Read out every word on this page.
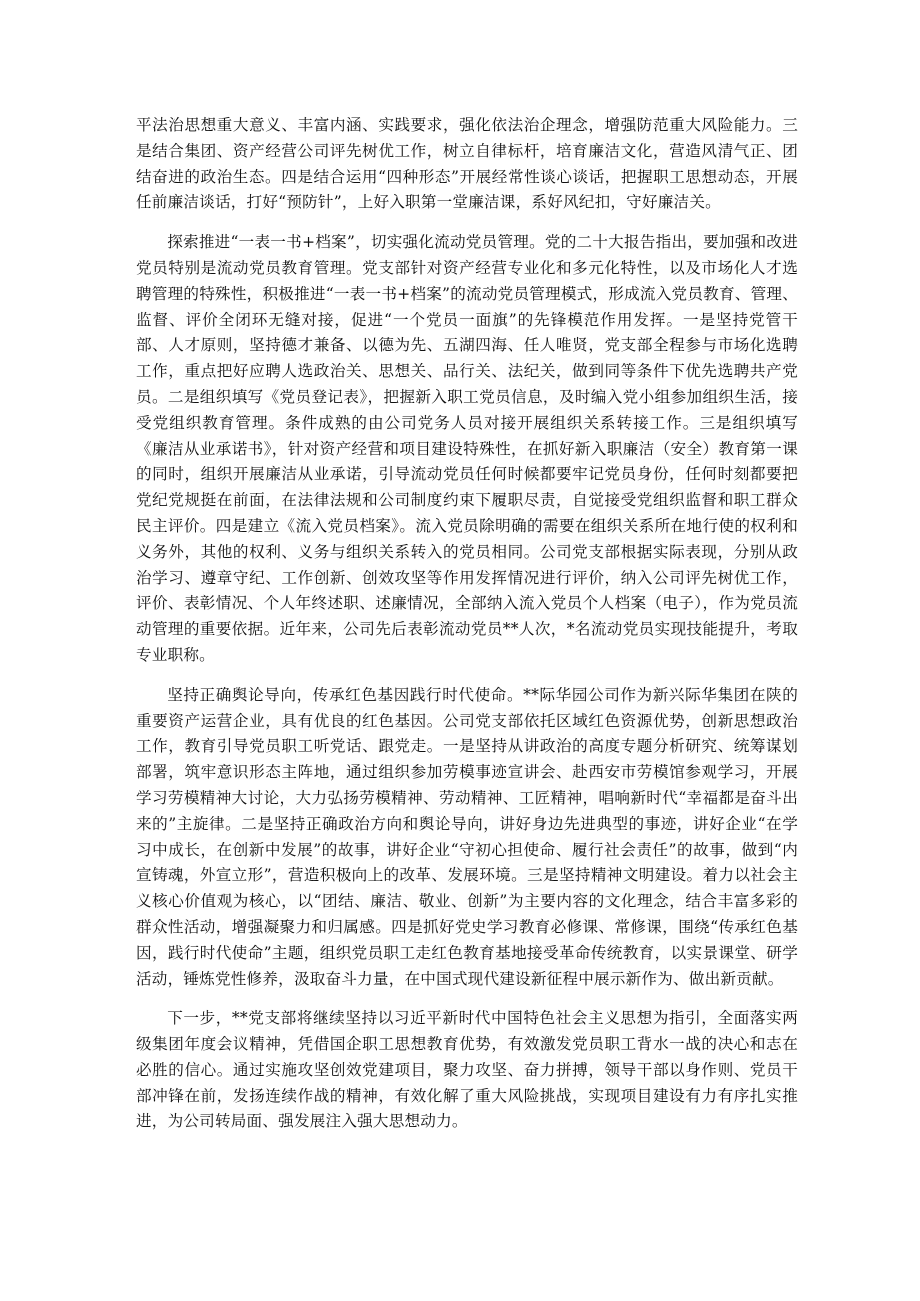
平法治思想重大意义、丰富内涵、实践要求，强化依法治企理念，增强防范重大风险能力。三是结合集团、资产经营公司评先树优工作，树立自律标杆，培育廉洁文化，营造风清气正、团结奋进的政治生态。四是结合运用“四种形态”开展经常性谈心谈话，把握职工思想动态，开展任前廉洁谈话，打好“预防针”，上好入职第一堂廉洁课，系好风纪扣，守好廉洁关。

探索推进“一表一书+档案”，切实强化流动党员管理。党的二十大报告指出，要加强和改进党员特别是流动党员教育管理。党支部针对资产经营专业化和多元化特性，以及市场化人才选聘管理的特殊性，积极推进“一表一书+档案”的流动党员管理模式，形成流入党员教育、管理、监督、评价全闭环无缝对接，促进“一个党员一面旗”的先锋模范作用发挥。一是坚持党管干部、人才原则，坚持德才兼备、以德为先、五湖四海、任人唯贤，党支部全程参与市场化选聘工作，重点把好应聘人选政治关、思想关、品行关、法纪关，做到同等条件下优先选聘共产党员。二是组织填写《党员登记表》，把握新入职工党员信息，及时编入党小组参加组织生活，接受党组织教育管理。条件成熟的由公司党务人员对接开展组织关系转接工作。三是组织填写《廉洁从业承诺书》，针对资产经营和项目建设特殊性，在抓好新入职廉洁（安全）教育第一课的同时，组织开展廉洁从业承诺，引导流动党员任何时候都要牢记党员身份，任何时刻都要把党纪党规挺在前面，在法律法规和公司制度约束下履职尽责，自觉接受党组织监督和职工群众民主评价。四是建立《流入党员档案》。流入党员除明确的需要在组织关系所在地行使的权利和义务外，其他的权利、义务与组织关系转入的党员相同。公司党支部根据实际表现，分别从政治学习、遵章守纪、工作创新、创效攻坚等作用发挥情况进行评价，纳入公司评先树优工作，评价、表彰情况、个人年终述职、述廉情况，全部纳入流入党员个人档案（电子），作为党员流动管理的重要依据。近年来，公司先后表彰流动党员**人次，*名流动党员实现技能提升，考取专业职称。

坚持正确舆论导向，传承红色基因践行时代使命。**际华园公司作为新兴际华集团在陕的重要资产运营企业，具有优良的红色基因。公司党支部依托区域红色资源优势，创新思想政治工作，教育引导党员职工听党话、跟党走。一是坚持从讲政治的高度专题分析研究、统筹谋划部署，筑牢意识形态主阵地，通过组织参加劳模事迹宣讲会、赴西安市劳模馆参观学习，开展学习劳模精神大讨论，大力弘扬劳模精神、劳动精神、工匠精神，唱响新时代“幸福都是奋斗出来的”主旋律。二是坚持正确政治方向和舆论导向，讲好身边先进典型的事迹，讲好企业“在学习中成长，在创新中发展”的故事，讲好企业“守初心担使命、履行社会责任”的故事，做到“内宣铸魂，外宣立形”，营造积极向上的改革、发展环境。三是坚持精神文明建设。着力以社会主义核心价值观为核心，以“团结、廉洁、敬业、创新”为主要内容的文化理念，结合丰富多彩的群众性活动，增强凝聚力和归属感。四是抓好党史学习教育必修课、常修课，围绕“传承红色基因，践行时代使命”主题，组织党员职工走红色教育基地接受革命传统教育，以实景课堂、研学活动，锤炼党性修养，汲取奋斗力量，在中国式现代建设新征程中展示新作为、做出新贡献。

下一步，**党支部将继续坚持以习近平新时代中国特色社会主义思想为指引，全面落实两级集团年度会议精神，凭借国企职工思想教育优势，有效激发党员职工背水一战的决心和志在必胜的信心。通过实施攻坚创效党建项目，聚力攻坚、奋力拼搏，领导干部以身作则、党员干部冲锋在前，发扬连续作战的精神，有效化解了重大风险挑战，实现项目建设有力有序扎实推进，为公司转局面、强发展注入强大思想动力。
